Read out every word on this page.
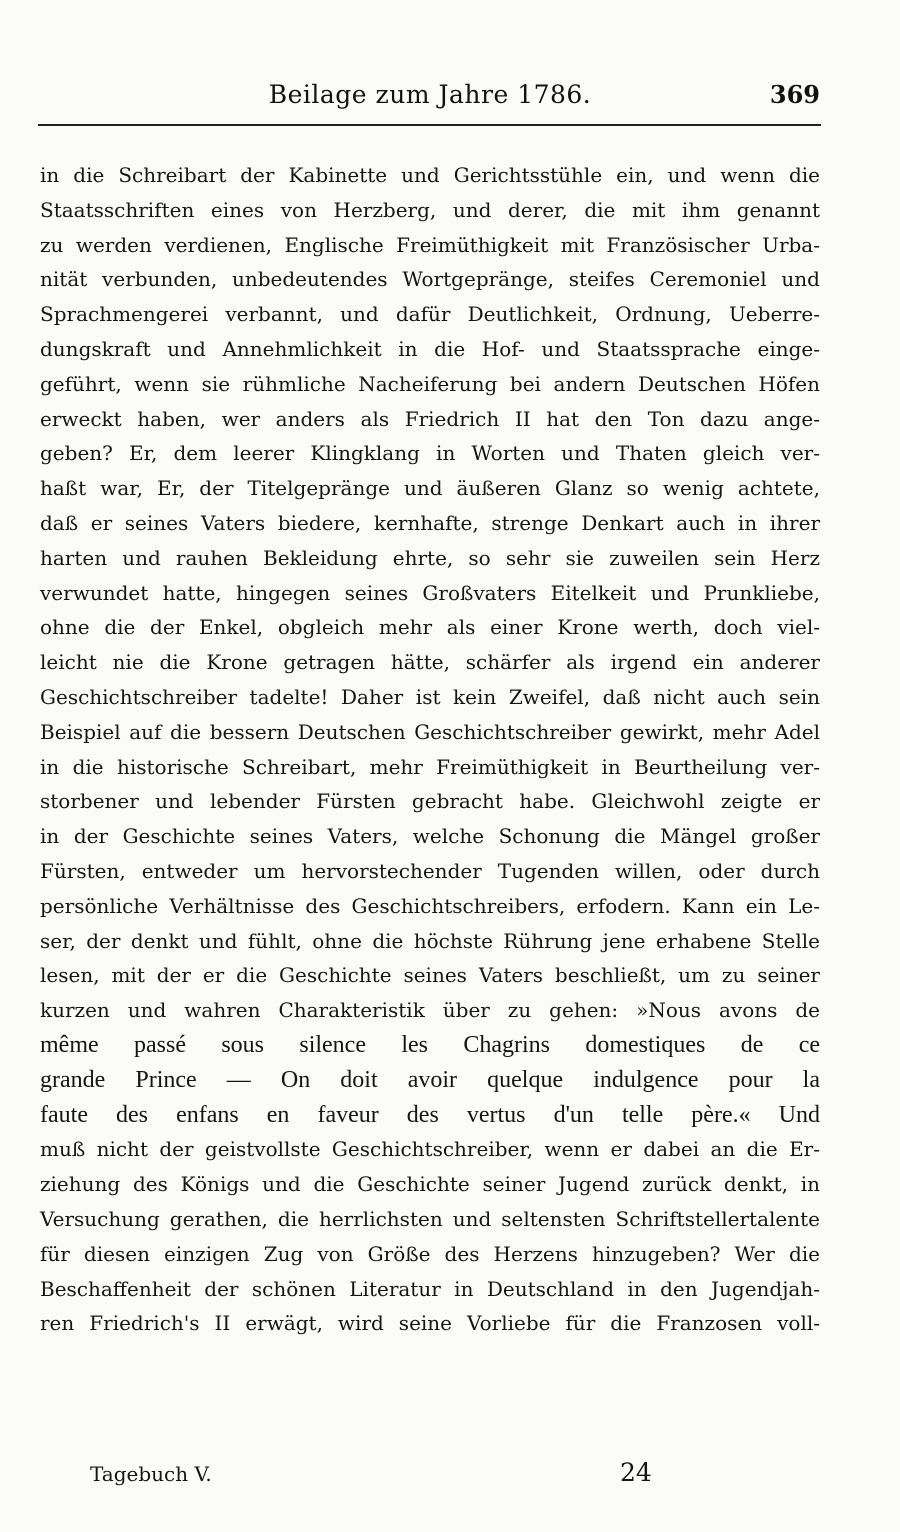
Beilage zum Jahre 1786.	369
in die Schreibart der Kabinette und Gerichtsstühle ein, und wenn die
Staatsschriften eines von Herzberg, und derer, die mit ihm genannt
zu werden verdienen, Englische Freimüthigkeit mit Französischer Urba-
nität verbunden, unbedeutendes Wortgepränge, steifes Ceremoniel und
Sprachmengerei verbannt, und dafür Deutlichkeit, Ordnung, Ueberre-
dungskraft und Annehmlichkeit in die Hof- und Staatssprache einge-
geführt, wenn sie rühmliche Nacheiferung bei andern Deutschen Höfen
erweckt haben, wer anders als Friedrich II hat den Ton dazu ange-
geben? Er, dem leerer Klingklang in Worten und Thaten gleich ver-
haßt war, Er, der Titelgepränge und äußeren Glanz so wenig achtete,
daß er seines Vaters biedere, kernhafte, strenge Denkart auch in ihrer
harten und rauhen Bekleidung ehrte, so sehr sie zuweilen sein Herz
verwundet hatte, hingegen seines Großvaters Eitelkeit und Prunkliebe,
ohne die der Enkel, obgleich mehr als einer Krone werth, doch viel-
leicht nie die Krone getragen hätte, schärfer als irgend ein anderer
Geschichtschreiber tadelte! Daher ist kein Zweifel, daß nicht auch sein
Beispiel auf die bessern Deutschen Geschichtschreiber gewirkt, mehr Adel
in die historische Schreibart, mehr Freimüthigkeit in Beurtheilung ver-
storbener und lebender Fürsten gebracht habe. Gleichwohl zeigte er
in der Geschichte seines Vaters, welche Schonung die Mängel großer
Fürsten, entweder um hervorstechender Tugenden willen, oder durch
persönliche Verhältnisse des Geschichtschreibers, erfodern. Kann ein Le-
ser, der denkt und fühlt, ohne die höchste Rührung jene erhabene Stelle
lesen, mit der er die Geschichte seines Vaters beschließt, um zu seiner
kurzen und wahren Charakteristik über zu gehen: »Nous avons de
même passé sous silence les Chagrins domestiques de ce
grande Prince — On doit avoir quelque indulgence pour la
faute des enfans en faveur des vertus d'un telle père.« Und
muß nicht der geistvollste Geschichtschreiber, wenn er dabei an die Er-
ziehung des Königs und die Geschichte seiner Jugend zurück denkt, in
Versuchung gerathen, die herrlichsten und seltensten Schriftstellertalente
für diesen einzigen Zug von Größe des Herzens hinzugeben? Wer die
Beschaffenheit der schönen Literatur in Deutschland in den Jugendjah-
ren Friedrich's II erwägt, wird seine Vorliebe für die Franzosen voll-
Tagebuch V.	24
